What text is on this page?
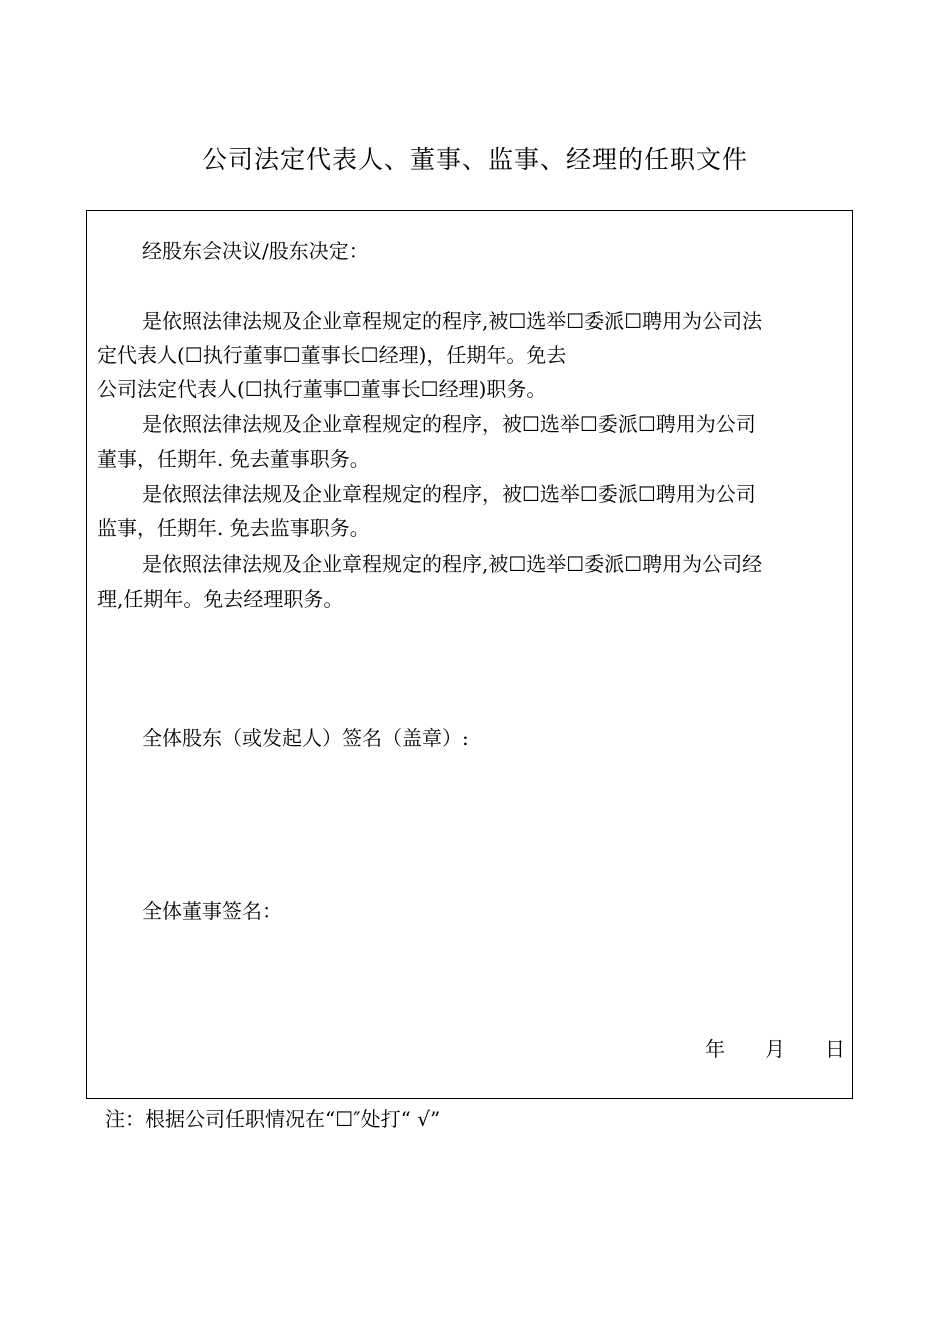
公司法定代表人、董事、监事、经理的任职文件
经股东会决议/股东决定：
是依照法律法规及企业章程规定的程序,被☐选举☐委派☐聘用为公司法
定代表人(☐执行董事☐董事长☐经理)，任期年。免去
公司法定代表人(☐执行董事☐董事长☐经理)职务。
是依照法律法规及企业章程规定的程序，被☐选举☐委派☐聘用为公司
董事，任期年. 免去董事职务。
是依照法律法规及企业章程规定的程序，被☐选举☐委派☐聘用为公司
监事，任期年. 免去监事职务。
是依照法律法规及企业章程规定的程序,被☐选举☐委派☐聘用为公司经
理,任期年。免去经理职务。
全体股东（或发起人）签名（盖章）:
全体董事签名：
年　　月　　日
注：根据公司任职情况在“☐″处打“ √”
